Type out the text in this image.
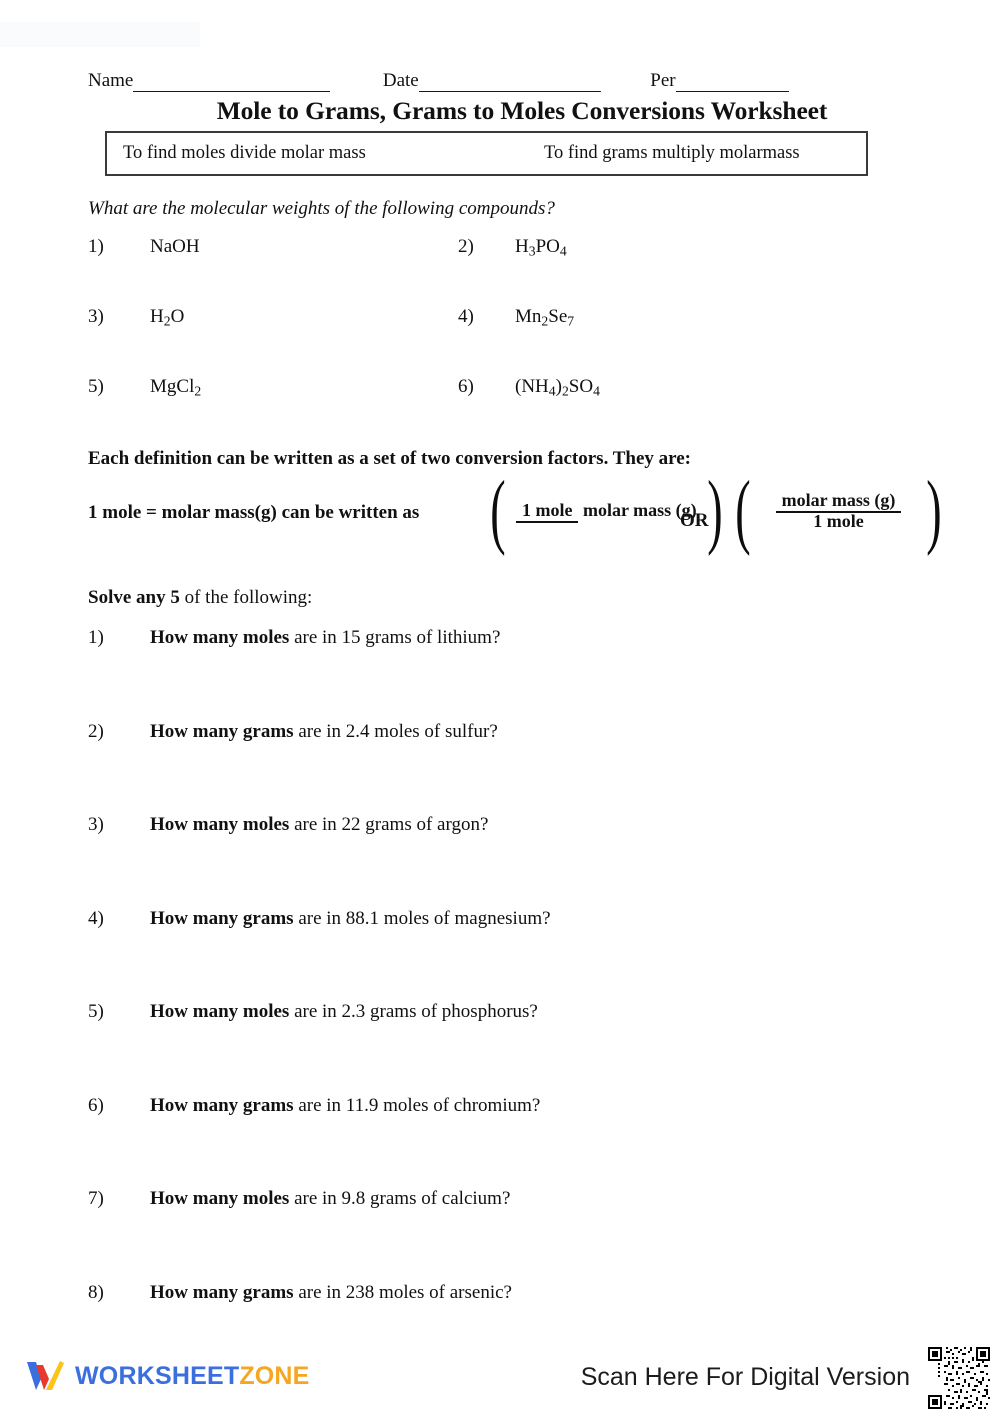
Name	Date	Per
Mole to Grams, Grams to Moles Conversions Worksheet
To find moles divide molar mass	To find grams multiply molarmass
What are the molecular weights of the following compounds?
1) NaOH	2) $H_3PO_4$
3) $H_2O$	4) $Mn_2Se_7$
5) MgCl$_2$	6) $(NH_4)_2SO_4$
Each definition can be written as a set of two conversion factors. They are:
1 mole = molar mass(g) can be written as ( 1 mole molar mass (g) )
OR ( $\frac{\text{molar mass (g)}}{\text{1 mole}}$ )
Solve any 5 of the following:
1) How many moles are in 15 grams of lithium?
2) How many grams are in 2.4 moles of sulfur?
3) How many moles are in 22 grams of argon?
4) How many grams are in 88.1 moles of magnesium?
5) How many moles are in 2.3 grams of phosphorus?
6) How many grams are in 11.9 moles of chromium?
7) How many moles are in 9.8 grams of calcium?
8) How many grams are in 238 moles of arsenic?
WORKSHEETZONE	Scan Here For Digital Version
